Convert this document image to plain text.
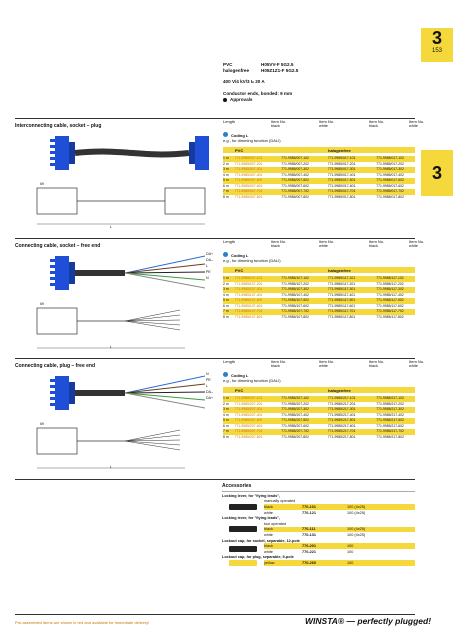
3
153
3
PVC	H05VV-F 5G2.5
halogenfree	H05Z1Z1-F 5G2.5
400 V/4 kV/3 Iₙ 20 A
Conductor ends, bonded: 9 mm
Approvals
Interconnecting cable, socket – plug
Length	Item No.
black
Item No.
white
Item No.
black
Item No.
white
Coding L
e.g., for dimming function (DALI)
PVC	halogenfree
1 m	771-9985/007-101	771-9985/007-102	771-9985/017-101	771-9985/017-102
2 m	771-9985/007-201	771-9985/007-202	771-9985/017-201	771-9985/017-202
3 m	771-9985/007-301	771-9985/007-302	771-9985/017-301	771-9985/017-302
4 m	771-9985/007-401	771-9985/007-402	771-9985/017-401	771-9985/017-402
5 m	771-9985/007-501	771-9985/007-502	771-9985/017-501	771-9985/017-502
6 m	771-9985/007-601	771-9985/007-602	771-9985/017-601	771-9985/017-602
7 m	771-9985/007-701	771-9985/007-702	771-9985/017-701	771-9985/017-702
8 m	771-9985/007-801	771-9985/007-802	771-9985/017-801	771-9985/017-802
69
L
Connecting cable, socket – free end
Length	Item No.
black
Item No.
white
Item No.
black
Item No.
white
Coding L
e.g., for dimming function (DALI)
PVC	halogenfree
1 m	771-9985/107-101	771-9985/107-102	771-9985/117-101	771-9985/117-102
2 m	771-9985/107-201	771-9985/107-202	771-9985/117-201	771-9985/117-202
3 m	771-9985/107-301	771-9985/107-302	771-9985/117-301	771-9985/117-302
4 m	771-9985/107-401	771-9985/107-402	771-9985/117-401	771-9985/117-402
5 m	771-9985/107-501	771-9985/107-502	771-9985/117-501	771-9985/117-502
6 m	771-9985/107-601	771-9985/107-602	771-9985/117-601	771-9985/117-602
7 m	771-9985/107-701	771-9985/107-702	771-9985/117-701	771-9985/117-702
8 m	771-9985/107-801	771-9985/107-802	771-9985/117-801	771-9985/117-802
DA+
DA–
L
PE
N
69
L
Connecting cable, plug – free end
Length	Item No.
black
Item No.
white
Item No.
black
Item No.
white
Coding L
e.g., for dimming function (DALI)
PVC	halogenfree
1 m	771-9985/207-101	771-9985/207-102	771-9985/217-101	771-9985/217-102
2 m	771-9985/207-201	771-9985/207-202	771-9985/217-201	771-9985/217-202
3 m	771-9985/207-301	771-9985/207-302	771-9985/217-301	771-9985/217-302
4 m	771-9985/207-401	771-9985/207-402	771-9985/217-401	771-9985/217-402
5 m	771-9985/207-501	771-9985/207-502	771-9985/217-501	771-9985/217-502
6 m	771-9985/207-601	771-9985/207-602	771-9985/217-601	771-9985/217-602
7 m	771-9985/207-701	771-9985/207-702	771-9985/217-701	771-9985/217-702
8 m	771-9985/207-801	771-9985/207-802	771-9985/217-801	771-9985/217-802
N
PE
L
DA–
DA+
69
L
Accessories
Locking lever, for "flying leads",
manually operated
black	770-101	100 (4x25)
white	770-121	100 (4x25)
Locking lever, for "flying leads",
tool operated
black	770-111	100 (4x25)
white	770-131	100 (4x25)
Lockout cap, for socket, separable, 12-pole
black	770-201	100
white	770-221	100
Lockout cap, for plug, separable, 5-pole
yellow	770-260	100
Pre-assembled items are shown in red and available for immediate delivery!	WINSTA® — perfectly plugged!
